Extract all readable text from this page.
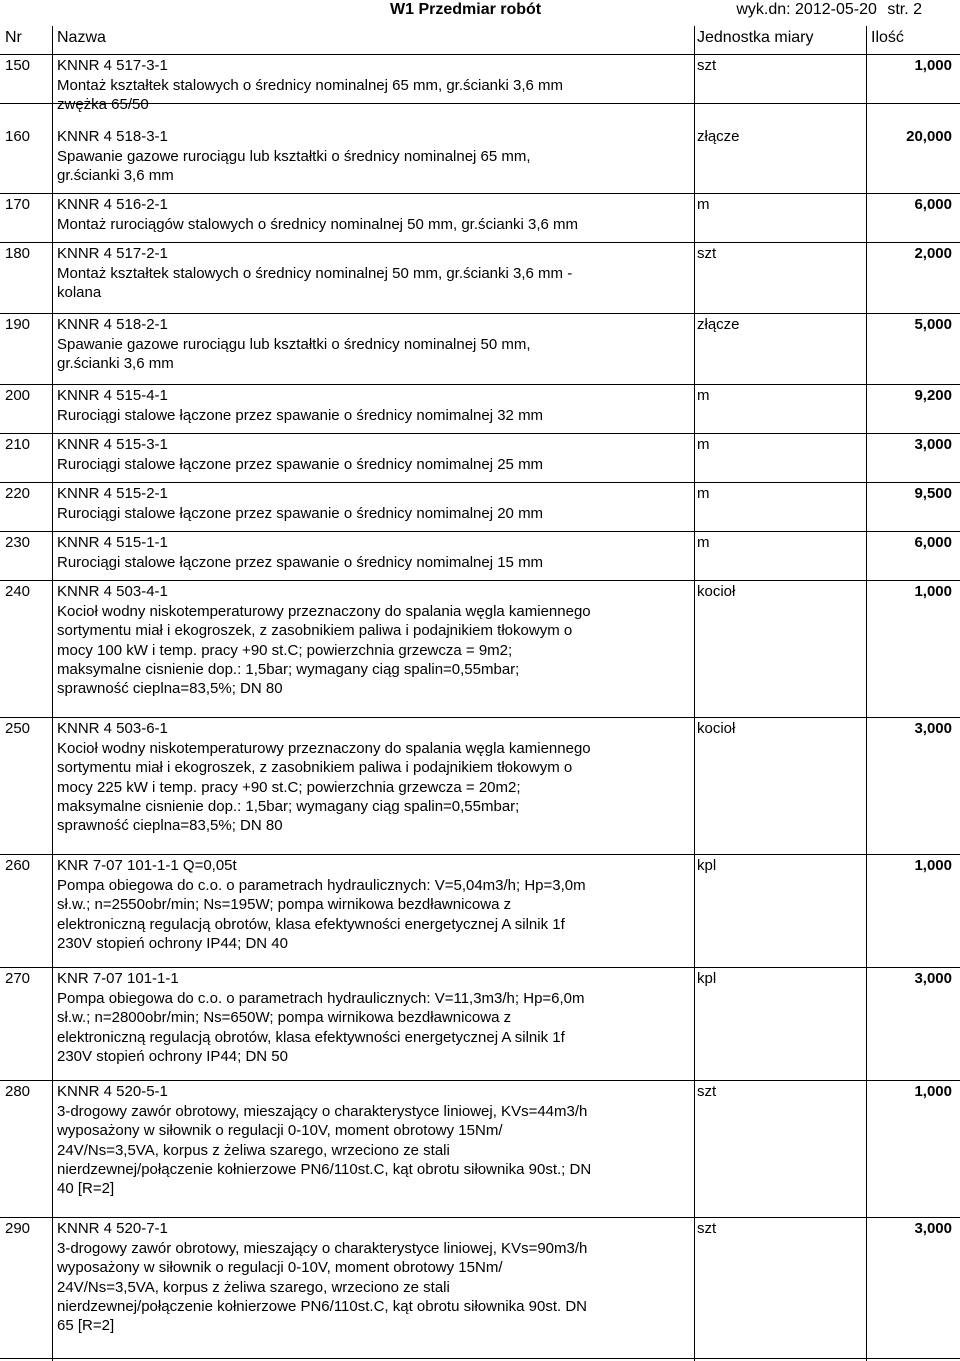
W1 Przedmiar robót	wyk.dn: 2012-05-20 str. 2
Nr Nazwa	Jednostka miary	Ilość
150 KNNR 4 517-3-1
Montaż kształtek stalowych o średnicy nominalnej 65 mm, gr.ścianki 3,6 mm
zwężka 65/50
szt	1,000
160 KNNR 4 518-3-1
Spawanie gazowe rurociągu lub kształtki o średnicy nominalnej 65 mm,
gr.ścianki 3,6 mm
złącze	20,000
170 KNNR 4 516-2-1
Montaż rurociągów stalowych o średnicy nominalnej 50 mm, gr.ścianki 3,6 mm
m	6,000
180 KNNR 4 517-2-1
Montaż kształtek stalowych o średnicy nominalnej 50 mm, gr.ścianki 3,6 mm -
kolana
szt	2,000
190 KNNR 4 518-2-1
Spawanie gazowe rurociągu lub kształtki o średnicy nominalnej 50 mm,
gr.ścianki 3,6 mm
złącze	5,000
200 KNNR 4 515-4-1
Rurociągi stalowe łączone przez spawanie o średnicy nomimalnej 32 mm
m	9,200
210 KNNR 4 515-3-1
Rurociągi stalowe łączone przez spawanie o średnicy nomimalnej 25 mm
m	3,000
220 KNNR 4 515-2-1
Rurociągi stalowe łączone przez spawanie o średnicy nomimalnej 20 mm
m	9,500
230 KNNR 4 515-1-1
Rurociągi stalowe łączone przez spawanie o średnicy nomimalnej 15 mm
m	6,000
240 KNNR 4 503-4-1
Kocioł wodny niskotemperaturowy przeznaczony do spalania węgla kamiennego
sortymentu miał i ekogroszek, z zasobnikiem paliwa i podajnikiem tłokowym o
mocy 100 kW i temp. pracy +90 st.C; powierzchnia grzewcza = 9m2;
maksymalne cisnienie dop.: 1,5bar; wymagany ciąg spalin=0,55mbar;
sprawność cieplna=83,5%; DN 80
kocioł	1,000
250 KNNR 4 503-6-1
Kocioł wodny niskotemperaturowy przeznaczony do spalania węgla kamiennego
sortymentu miał i ekogroszek, z zasobnikiem paliwa i podajnikiem tłokowym o
mocy 225 kW i temp. pracy +90 st.C; powierzchnia grzewcza = 20m2;
maksymalne cisnienie dop.: 1,5bar; wymagany ciąg spalin=0,55mbar;
sprawność cieplna=83,5%; DN 80
kocioł	3,000
260 KNR 7-07 101-1-1 Q=0,05t
Pompa obiegowa do c.o. o parametrach hydraulicznych: V=5,04m3/h; Hp=3,0m
sł.w.; n=2550obr/min; Ns=195W; pompa wirnikowa bezdławnicowa z
elektroniczną regulacją obrotów, klasa efektywności energetycznej A silnik 1f
230V stopień ochrony IP44; DN 40
kpl	1,000
270 KNR 7-07 101-1-1
Pompa obiegowa do c.o. o parametrach hydraulicznych: V=11,3m3/h; Hp=6,0m
sł.w.; n=2800obr/min; Ns=650W; pompa wirnikowa bezdławnicowa z
elektroniczną regulacją obrotów, klasa efektywności energetycznej A silnik 1f
230V stopień ochrony IP44; DN 50
kpl	3,000
280 KNNR 4 520-5-1
3-drogowy zawór obrotowy, mieszający o charakterystyce liniowej, KVs=44m3/h
wyposażony w siłownik o regulacji 0-10V, moment obrotowy 15Nm/
24V/Ns=3,5VA, korpus z żeliwa szarego, wrzeciono ze stali
nierdzewnej/połączenie kołnierzowe PN6/110st.C, kąt obrotu siłownika 90st.; DN
40 [R=2]
szt	1,000
290 KNNR 4 520-7-1
3-drogowy zawór obrotowy, mieszający o charakterystyce liniowej, KVs=90m3/h
wyposażony w siłownik o regulacji 0-10V, moment obrotowy 15Nm/
24V/Ns=3,5VA, korpus z żeliwa szarego, wrzeciono ze stali
nierdzewnej/połączenie kołnierzowe PN6/110st.C, kąt obrotu siłownika 90st. DN
65 [R=2]
szt	3,000
